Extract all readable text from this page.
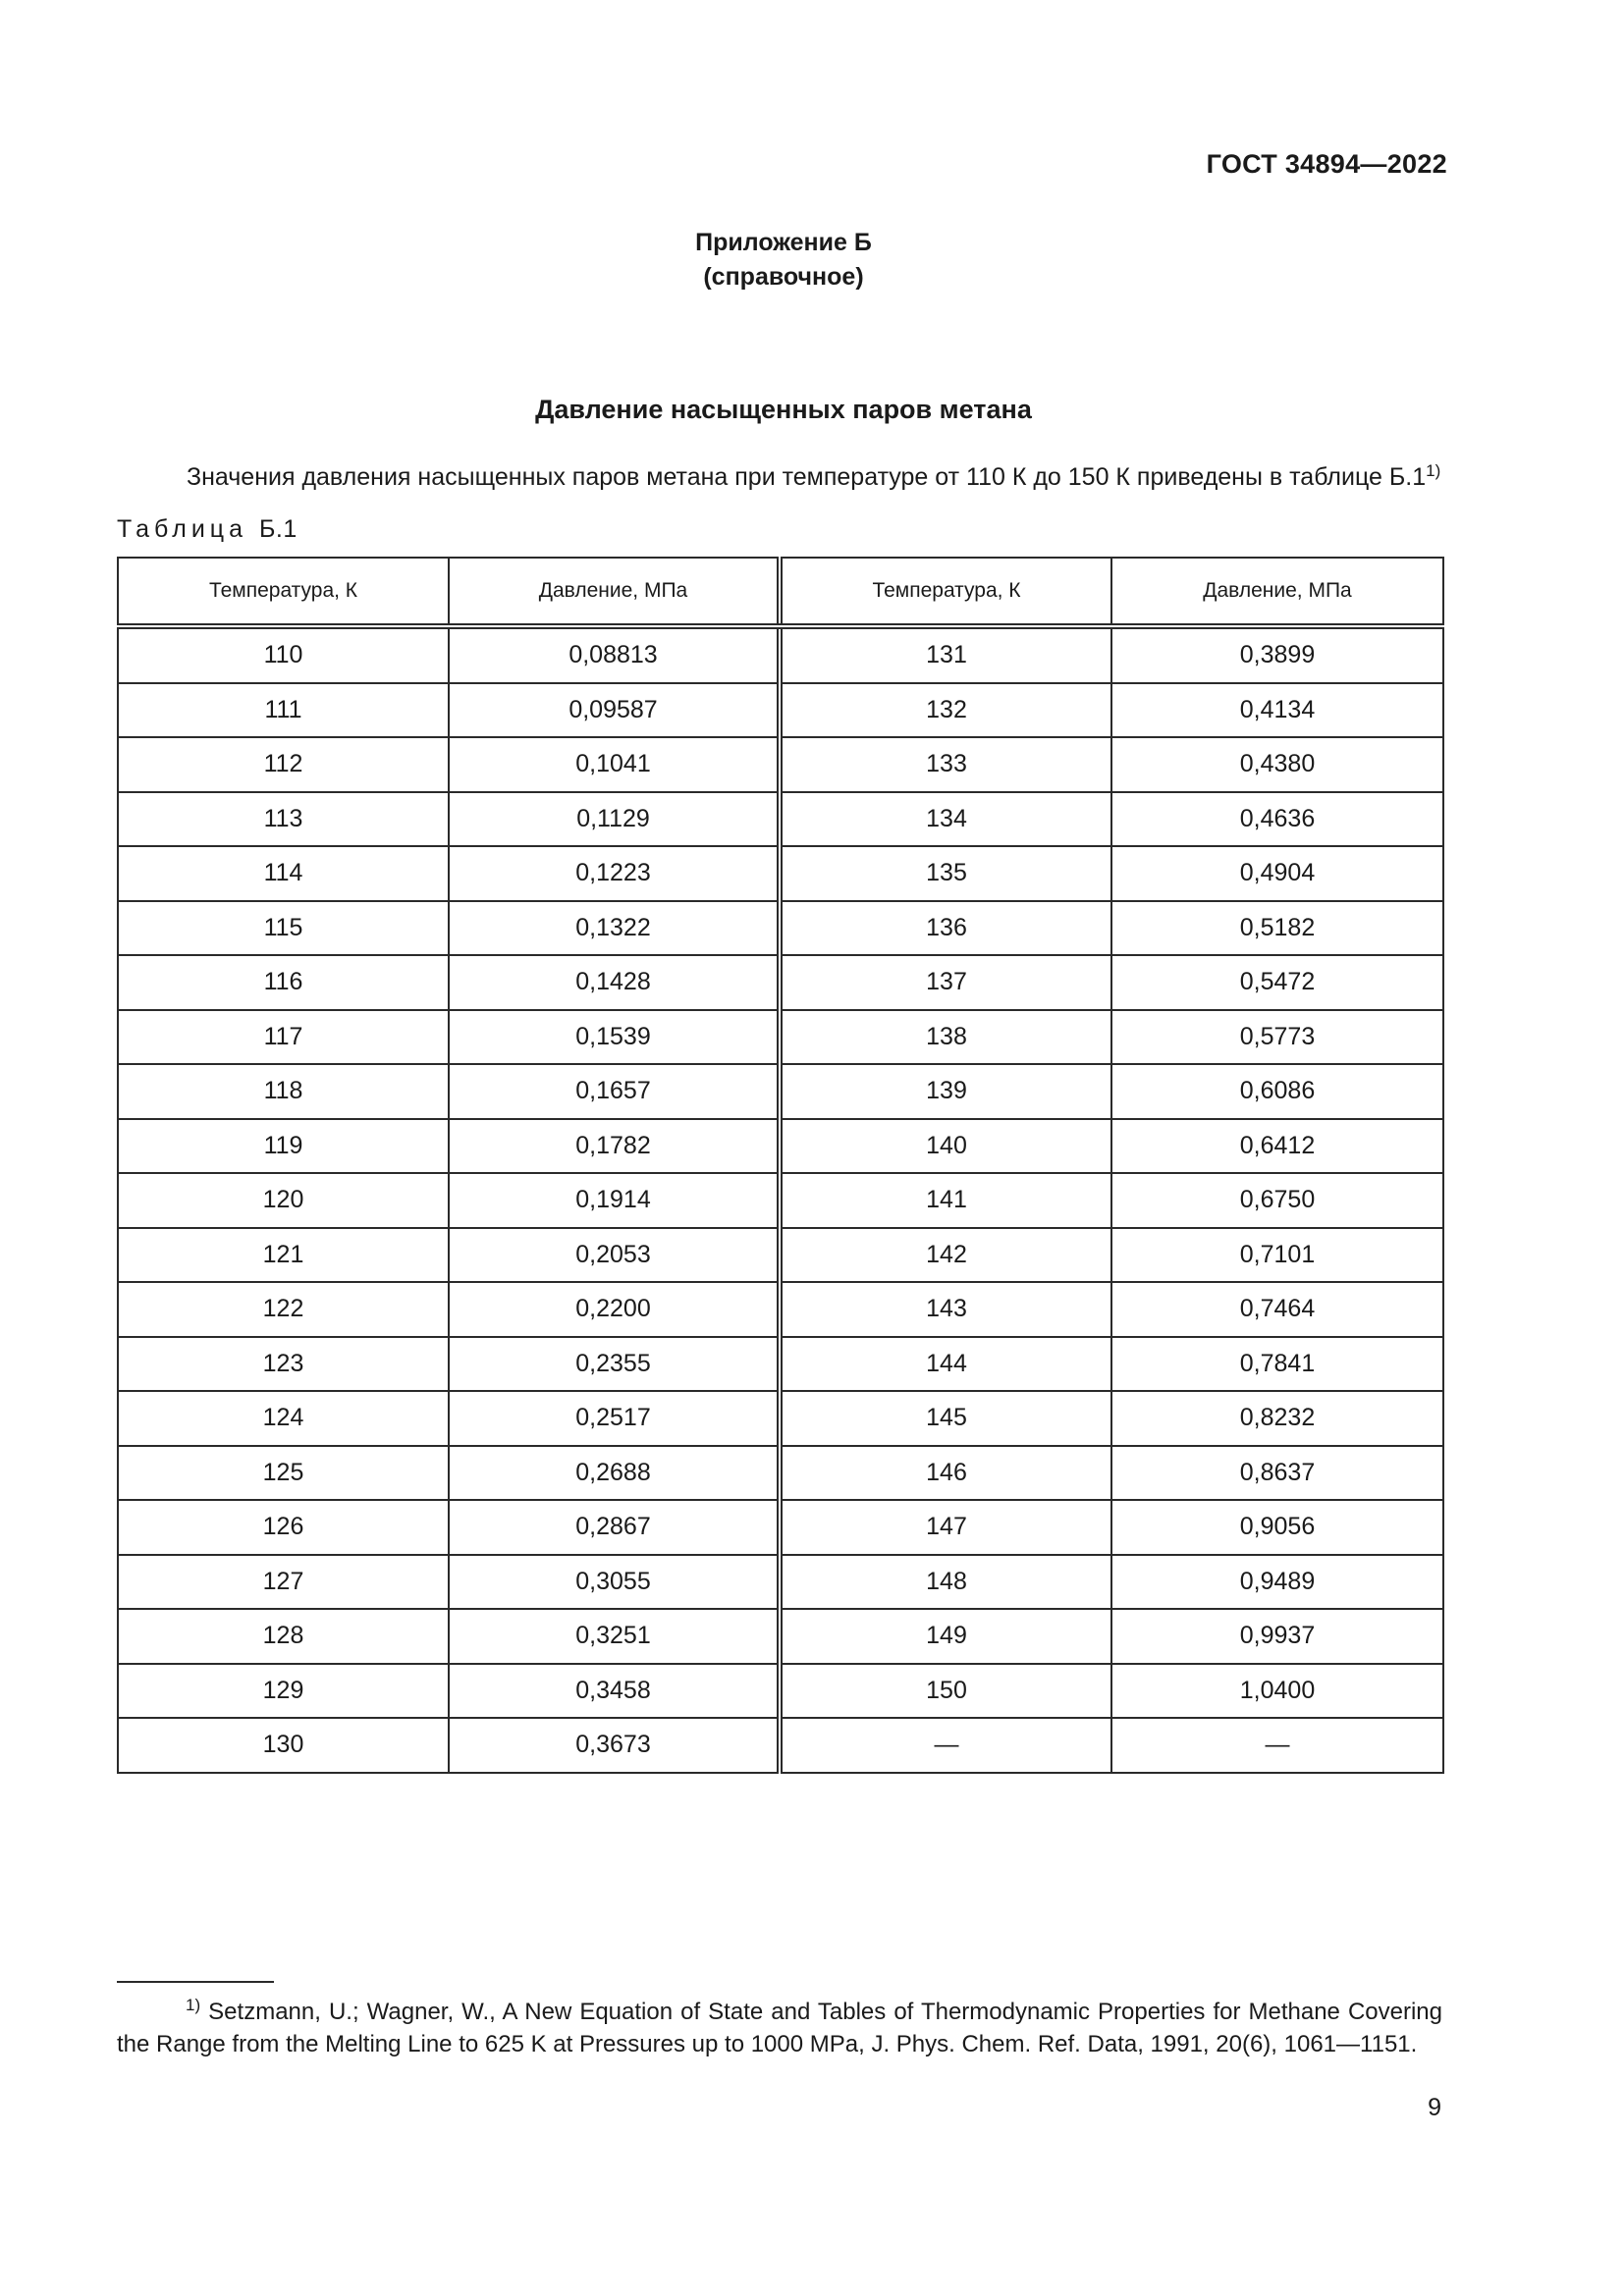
ГОСТ 34894—2022
Приложение Б
(справочное)
Давление насыщенных паров метана
Значения давления насыщенных паров метана при температуре от 110 К до 150 К приведены в таблице Б.1$^{1)}$
Таблица Б.1
Температура, К	Давление, МПа	Температура, К	Давление, МПа
110	0,08813	131	0,3899
111	0,09587	132	0,4134
112	0,1041	133	0,4380
113	0,1129	134	0,4636
114	0,1223	135	0,4904
115	0,1322	136	0,5182
116	0,1428	137	0,5472
117	0,1539	138	0,5773
118	0,1657	139	0,6086
119	0,1782	140	0,6412
120	0,1914	141	0,6750
121	0,2053	142	0,7101
122	0,2200	143	0,7464
123	0,2355	144	0,7841
124	0,2517	145	0,8232
125	0,2688	146	0,8637
126	0,2867	147	0,9056
127	0,3055	148	0,9489
128	0,3251	149	0,9937
129	0,3458	150	1,0400
130	0,3673	—	—
$^{1)}$ Setzmann, U.; Wagner, W., A New Equation of State and Tables of Thermodynamic Properties for Methane Covering the Range from the Melting Line to 625 K at Pressures up to 1000 MPa, J. Phys. Chem. Ref. Data, 1991, 20(6), 1061—1151.
9
